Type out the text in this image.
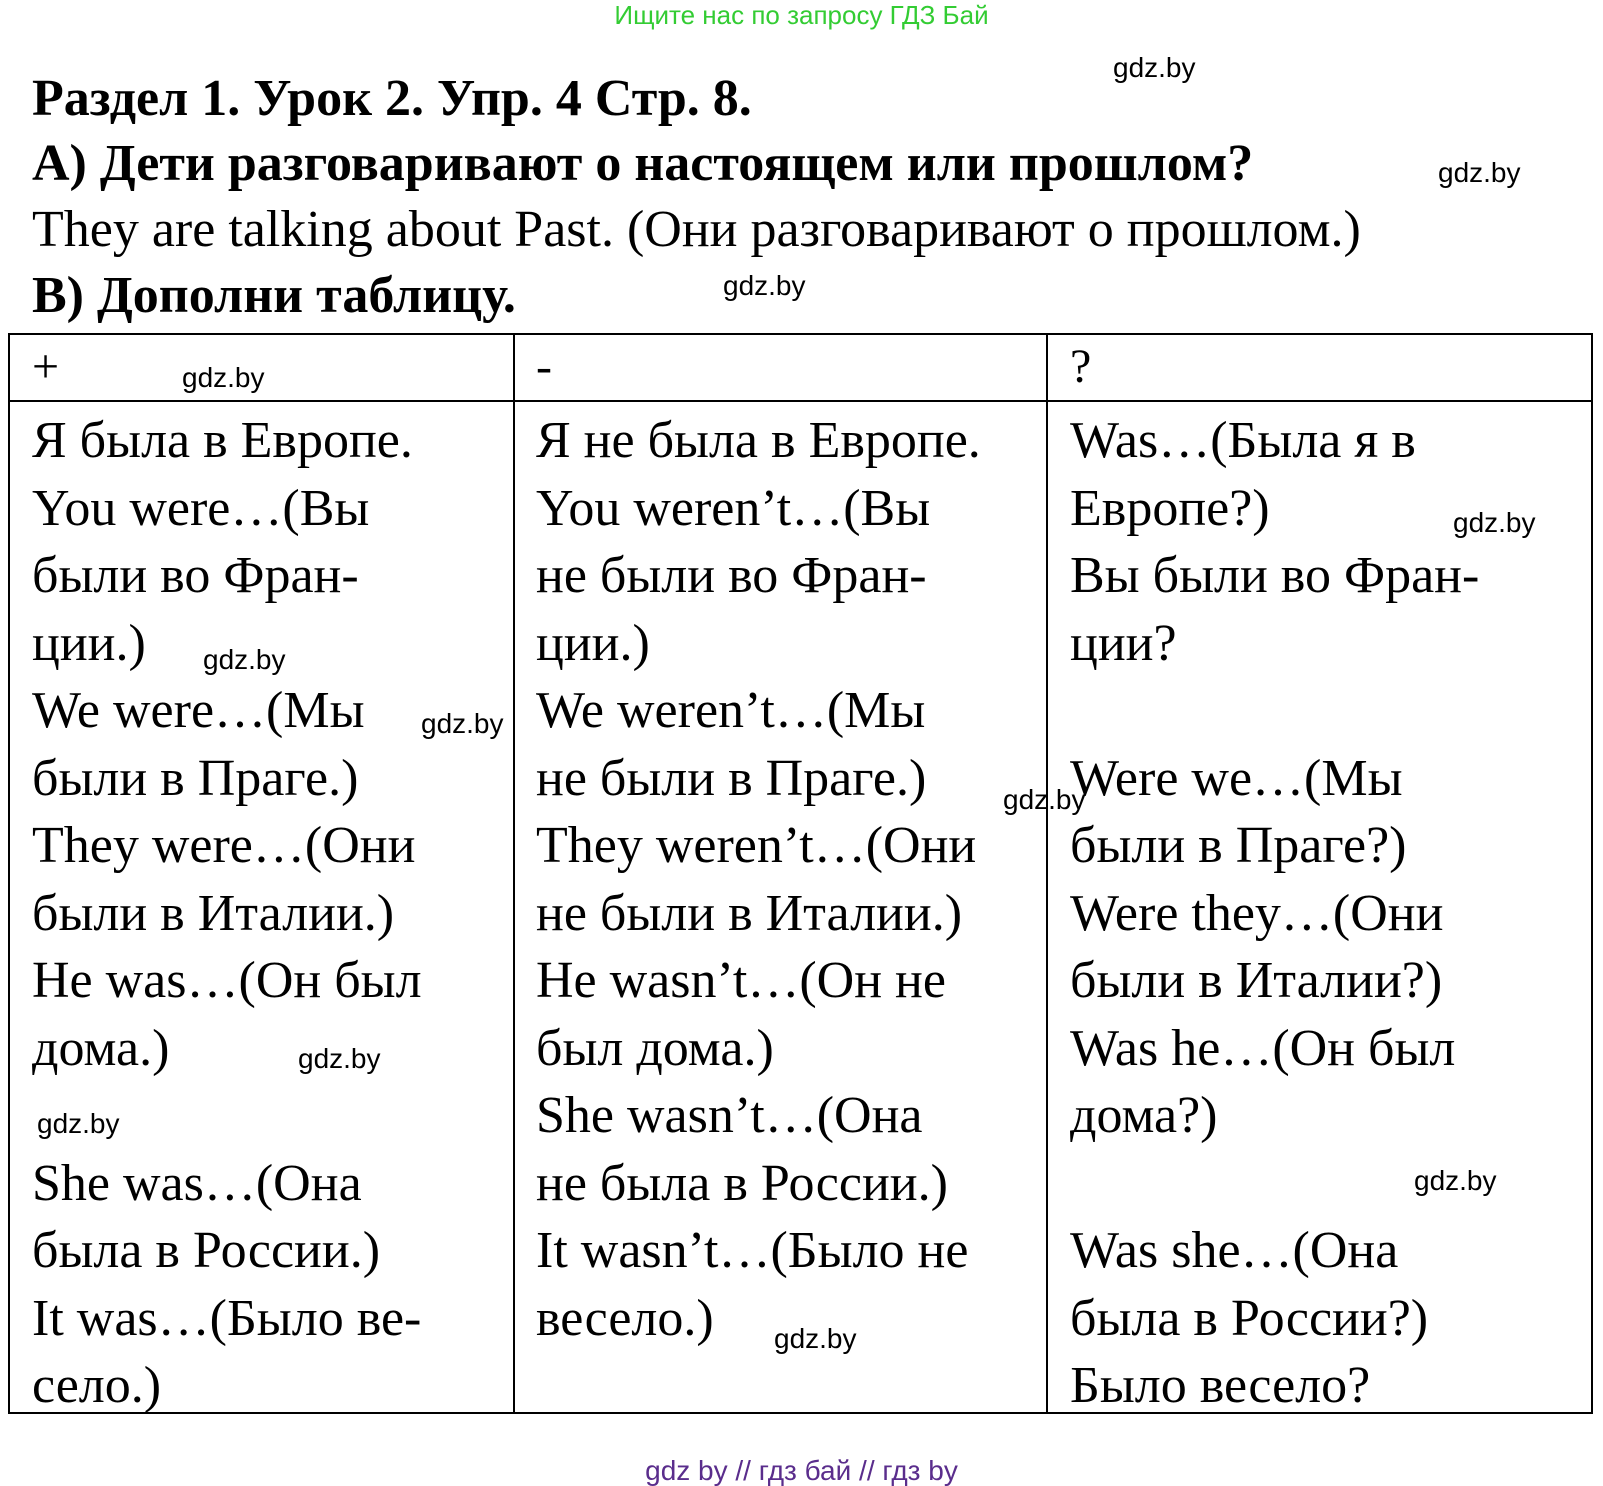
Ищите нас по запросу ГДЗ Бай
Раздел 1. Урок 2. Упр. 4 Стр. 8.
А) Дети разговаривают о настоящем или прошлом?
They are talking about Past. (Они разговаривают о прошлом.)
В) Дополни таблицу.
+	-	?
Я была в Европе.
You were…(Вы
были во Фран-
ции.)
We were…(Мы
были в Праге.)
They were…(Они
были в Италии.)
He was…(Он был
дома.)
She was…(Она
была в России.)
It was…(Было ве-
село.)
Я не была в Европе.
You weren’t…(Вы
не были во Фран-
ции.)
We weren’t…(Мы
не были в Праге.)
They weren’t…(Они
не были в Италии.)
He wasn’t…(Он не
был дома.)
She wasn’t…(Она
не была в России.)
It wasn’t…(Было не
весело.)
Was…(Была я в
Европе?)
Вы были во Фран-
ции?
Were we…(Мы
были в Праге?)
Were they…(Они
были в Италии?)
Was he…(Он был
дома?)
Was she…(Она
была в России?)
Было весело?
gdz.by
gdz.by
gdz.by
gdz.by
gdz.by
gdz.by
gdz.by
gdz.by
gdz.by
gdz.by
gdz.by
gdz.by
gdz by // гдз бай // гдз by
